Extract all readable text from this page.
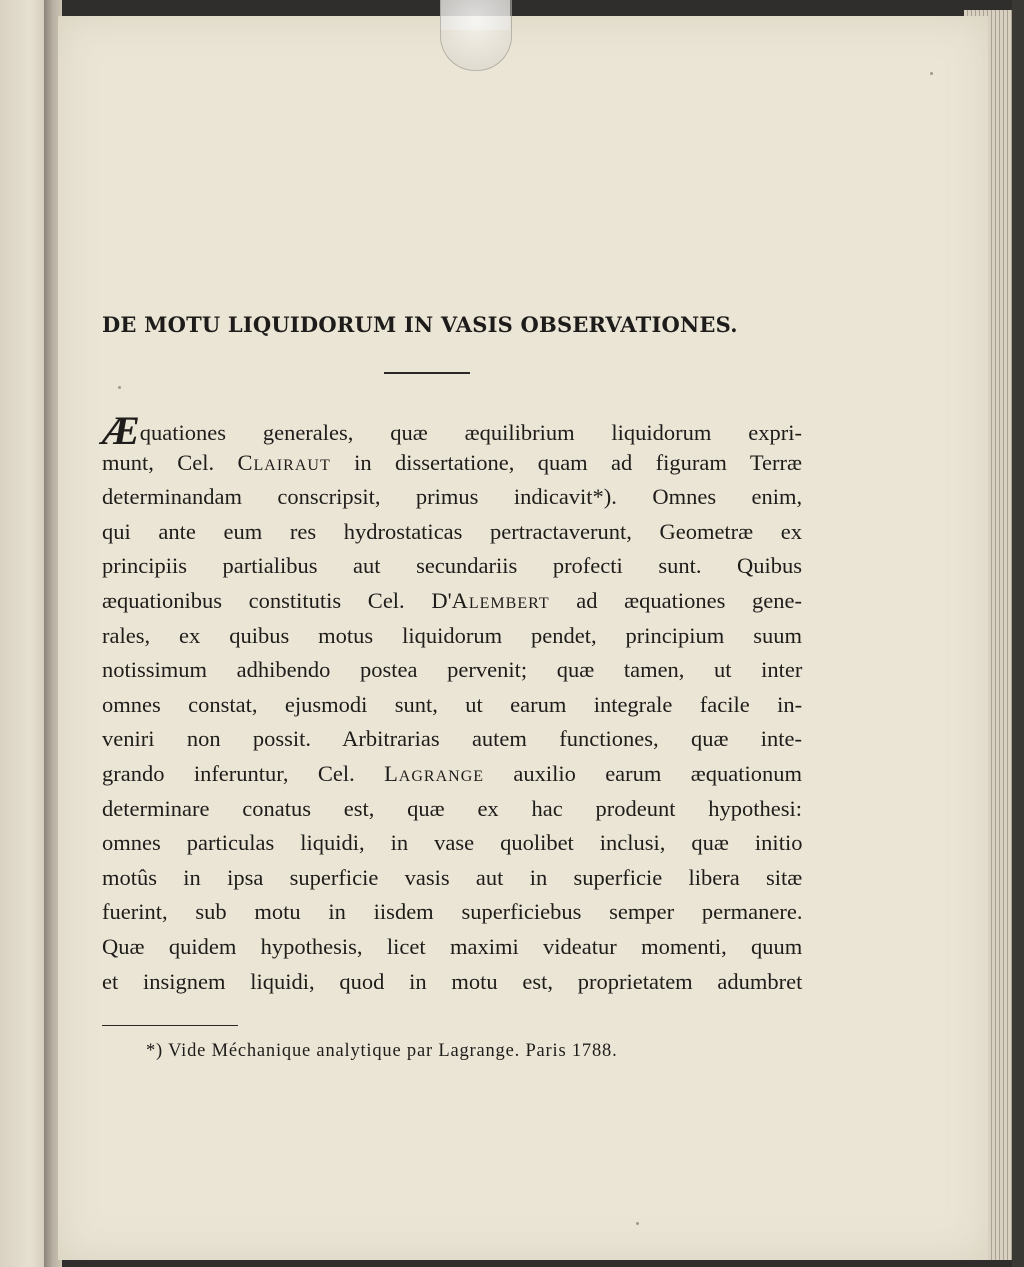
DE MOTU LIQUIDORUM IN VASIS OBSERVATIONES.
Æquationes generales, quæ æquilibrium liquidorum expri-
munt, Cel. Clairaut in dissertatione, quam ad figuram Terræ
determinandam conscripsit, primus indicavit*). Omnes enim,
qui ante eum res hydrostaticas pertractaverunt, Geometræ ex
principiis partialibus aut secundariis profecti sunt. Quibus
æquationibus constitutis Cel. D'Alembert ad æquationes gene-
rales, ex quibus motus liquidorum pendet, principium suum
notissimum adhibendo postea pervenit; quæ tamen, ut inter
omnes constat, ejusmodi sunt, ut earum integrale facile in-
veniri non possit. Arbitrarias autem functiones, quæ inte-
grando inferuntur, Cel. Lagrange auxilio earum æquationum
determinare conatus est, quæ ex hac prodeunt hypothesi:
omnes particulas liquidi, in vase quolibet inclusi, quæ initio
motûs in ipsa superficie vasis aut in superficie libera sitæ
fuerint, sub motu in iisdem superficiebus semper permanere.
Quæ quidem hypothesis, licet maximi videatur momenti, quum
et insignem liquidi, quod in motu est, proprietatem adumbret
*) Vide Méchanique analytique par Lagrange. Paris 1788.
